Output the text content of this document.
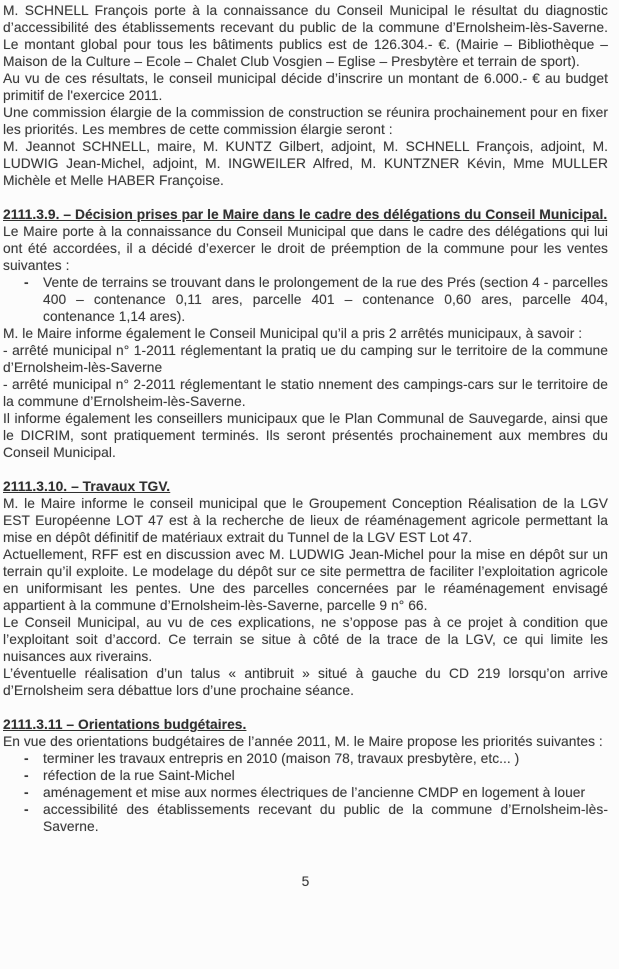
M. SCHNELL François porte à la connaissance du Conseil Municipal le résultat du diagnostic d’accessibilité des établissements recevant du public de la commune d’Ernolsheim-lès-Saverne. Le montant global pour tous les bâtiments publics est de 126.304.- €. (Mairie – Bibliothèque – Maison de la Culture – Ecole – Chalet Club Vosgien – Eglise – Presbytère et terrain de sport).

Au vu de ces résultats, le conseil municipal décide d’inscrire un montant de 6.000.- € au budget primitif de l'exercice 2011.

Une commission élargie de la commission de construction se réunira prochainement pour en fixer les priorités. Les membres de cette commission élargie seront :

M. Jeannot SCHNELL, maire, M. KUNTZ Gilbert, adjoint, M. SCHNELL François, adjoint, M. LUDWIG Jean-Michel, adjoint, M. INGWEILER Alfred, M. KUNTZNER Kévin, Mme MULLER Michèle et Melle HABER Françoise.

2111.3.9. – Décision prises par le Maire dans le cadre des délégations du Conseil Municipal.

Le Maire porte à la connaissance du Conseil Municipal que dans le cadre des délégations qui lui ont été accordées, il a décidé d’exercer le droit de préemption de la commune pour les ventes suivantes :

- Vente de terrains se trouvant dans le prolongement de la rue des Prés (section 4 - parcelles 400 – contenance 0,11 ares, parcelle 401 – contenance 0,60 ares, parcelle 404, contenance 1,14 ares).

M. le Maire informe également le Conseil Municipal qu’il a pris 2 arrêtés municipaux, à savoir :

- arrêté municipal n° 1-2011 réglementant la pratiq ue du camping sur le territoire de la commune d’Ernolsheim-lès-Saverne

- arrêté municipal n° 2-2011 réglementant le statio nnement des campings-cars sur le territoire de la commune d’Ernolsheim-lès-Saverne.

Il informe également les conseillers municipaux que le Plan Communal de Sauvegarde, ainsi que le DICRIM, sont pratiquement terminés. Ils seront présentés prochainement aux membres du Conseil Municipal.

2111.3.10. – Travaux TGV.

M. le Maire informe le conseil municipal que le Groupement Conception Réalisation de la LGV EST Européenne LOT 47 est à la recherche de lieux de réaménagement agricole permettant la mise en dépôt définitif de matériaux extrait du Tunnel de la LGV EST Lot 47.

Actuellement, RFF est en discussion avec M. LUDWIG Jean-Michel pour la mise en dépôt sur un terrain qu’il exploite. Le modelage du dépôt sur ce site permettra de faciliter l’exploitation agricole en uniformisant les pentes. Une des parcelles concernées par le réaménagement envisagé appartient à la commune d’Ernolsheim-lès-Saverne, parcelle 9 n° 66.

Le Conseil Municipal, au vu de ces explications, ne s’oppose pas à ce projet à condition que l’exploitant soit d’accord. Ce terrain se situe à côté de la trace de la LGV, ce qui limite les nuisances aux riverains.

L’éventuelle réalisation d’un talus « antibruit » situé à gauche du CD 219 lorsqu’on arrive d’Ernolsheim sera débattue lors d’une prochaine séance.

2111.3.11 – Orientations budgétaires.

En vue des orientations budgétaires de l’année 2011, M. le Maire propose les priorités suivantes :

- terminer les travaux entrepris en 2010 (maison 78, travaux presbytère, etc... )
- réfection de la rue Saint-Michel
- aménagement et mise aux normes électriques de l’ancienne CMDP en logement à louer
- accessibilité des établissements recevant du public de la commune d’Ernolsheim-lès-Saverne.
5
